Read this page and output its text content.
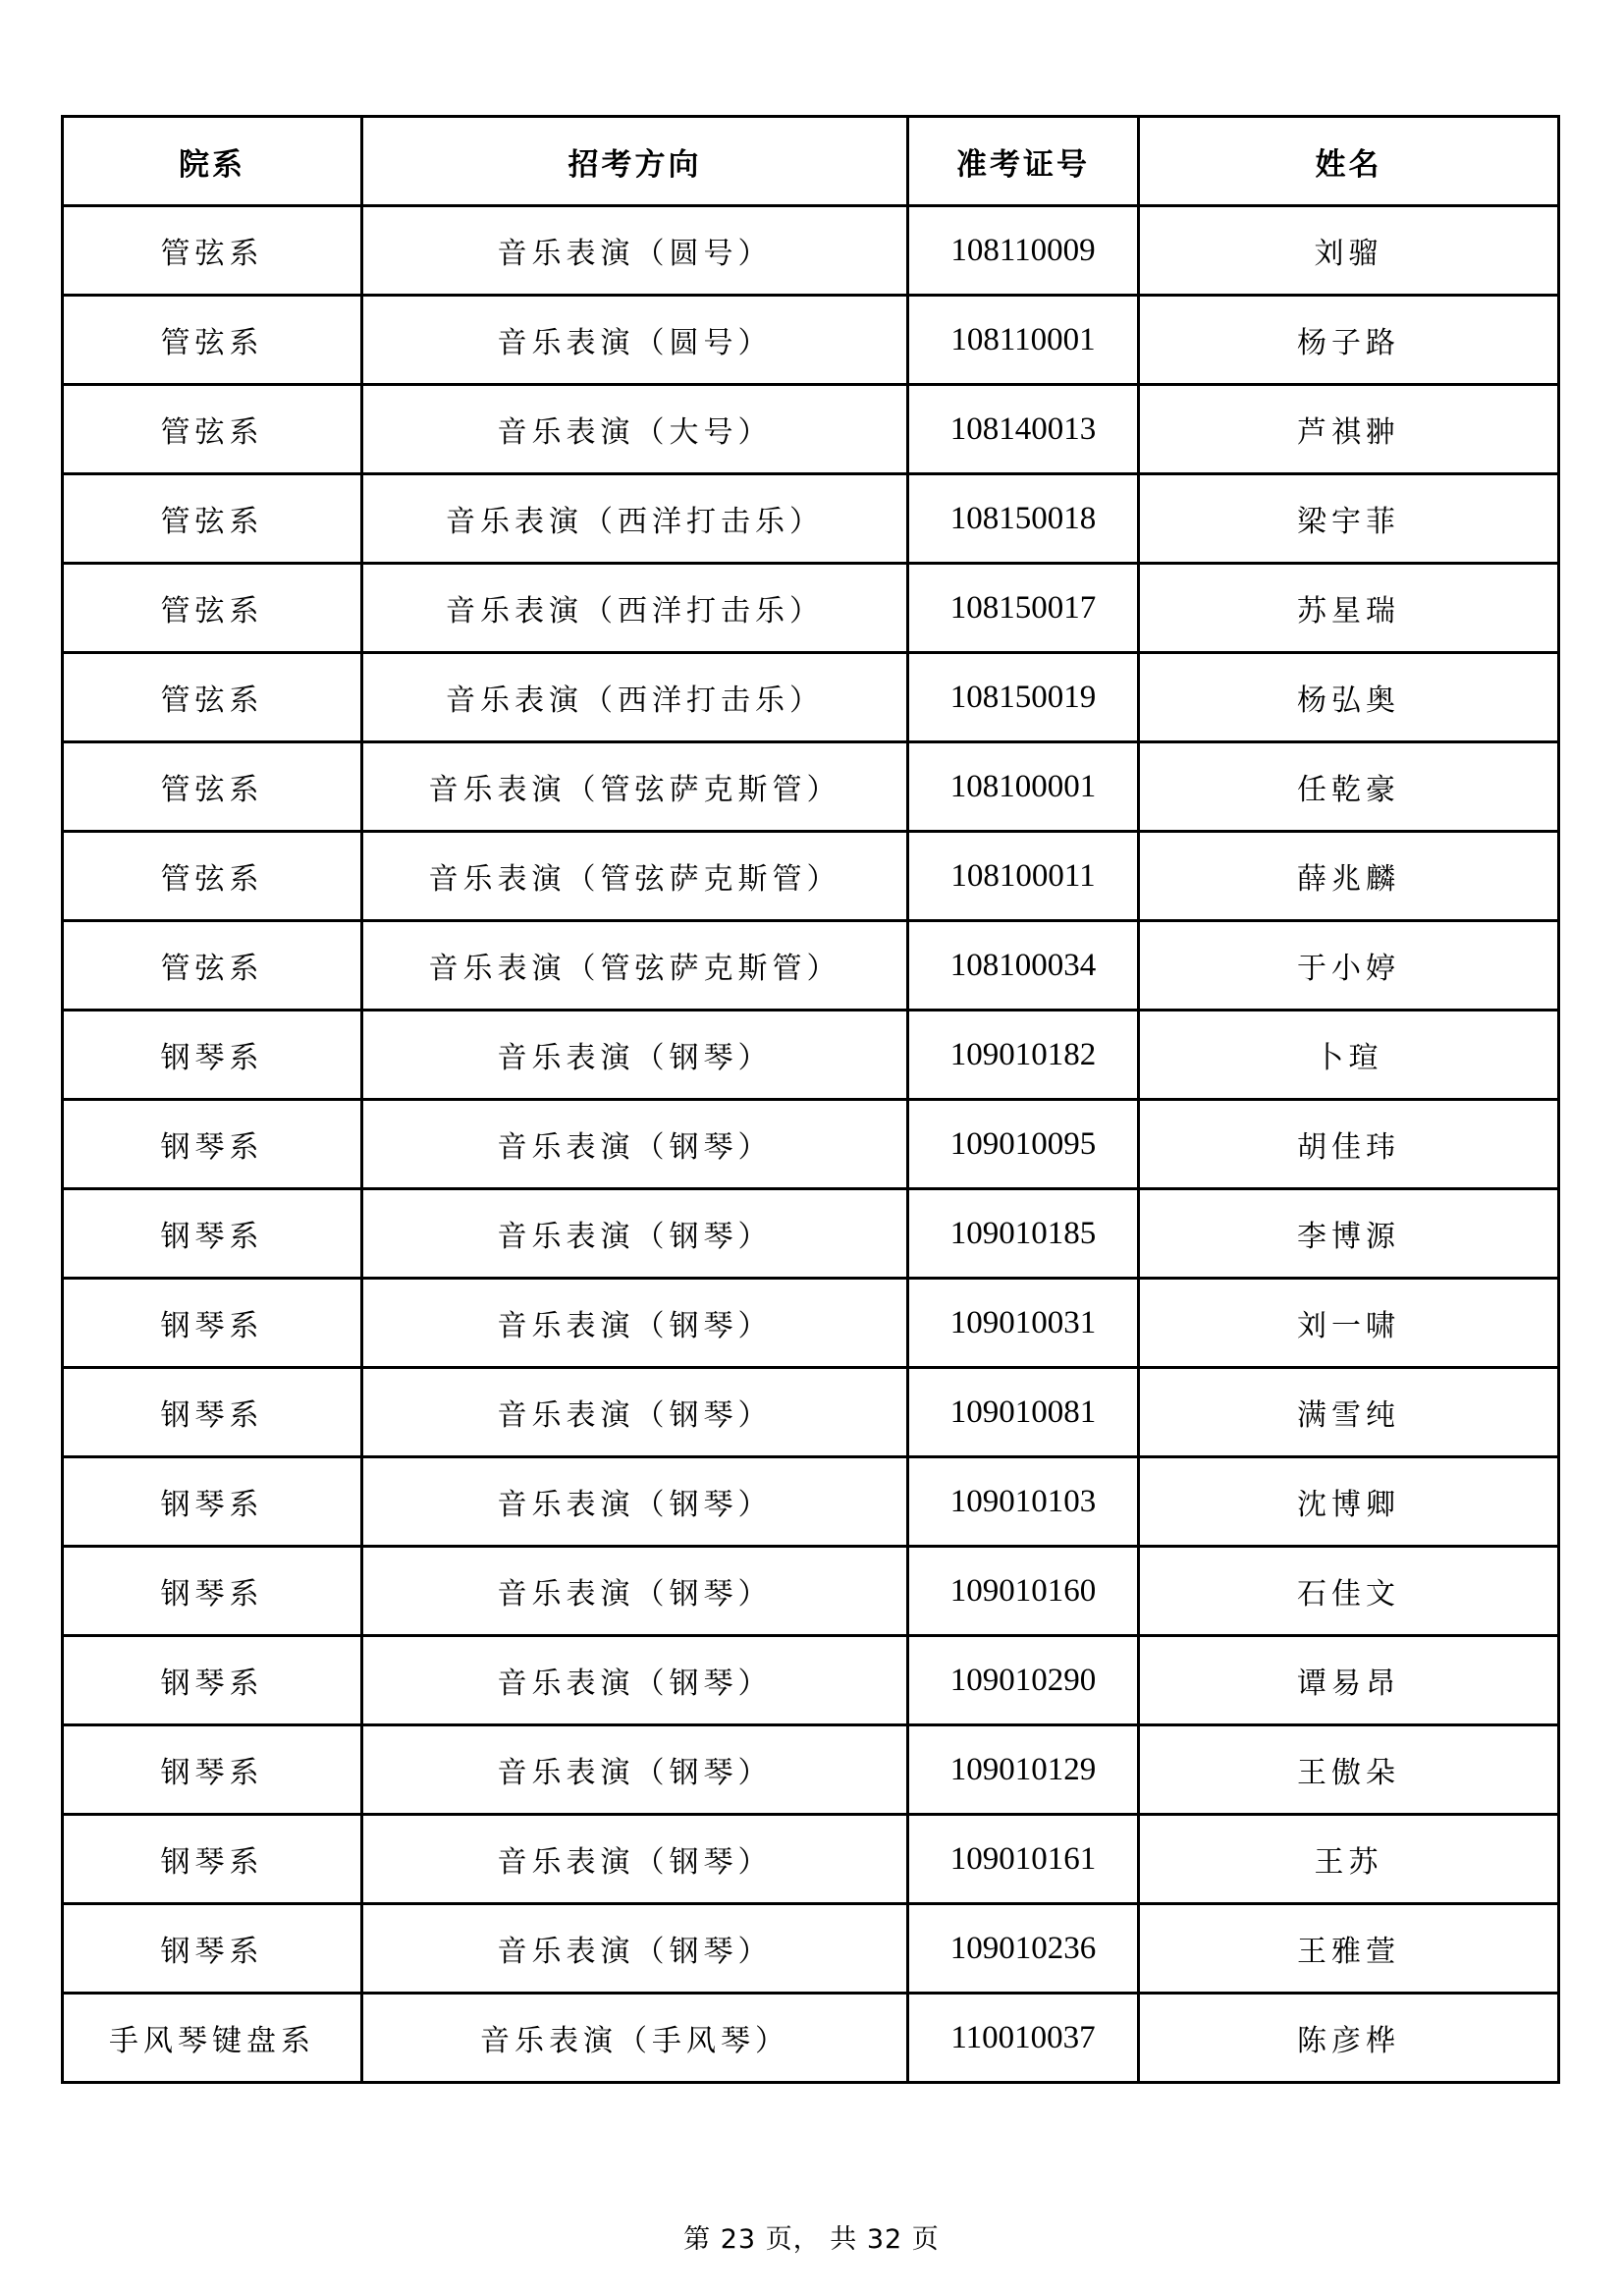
院系	招考方向	准考证号	姓名
管弦系	音乐表演（圆号）	108110009	刘骝
管弦系	音乐表演（圆号）	108110001	杨子路
管弦系	音乐表演（大号）	108140013	芦祺翀
管弦系	音乐表演（西洋打击乐）	108150018	梁宇菲
管弦系	音乐表演（西洋打击乐）	108150017	苏星瑞
管弦系	音乐表演（西洋打击乐）	108150019	杨弘奥
管弦系	音乐表演（管弦萨克斯管）	108100001	任乾豪
管弦系	音乐表演（管弦萨克斯管）	108100011	薛兆麟
管弦系	音乐表演（管弦萨克斯管）	108100034	于小婷
钢琴系	音乐表演（钢琴）	109010182	卜瑄
钢琴系	音乐表演（钢琴）	109010095	胡佳玮
钢琴系	音乐表演（钢琴）	109010185	李博源
钢琴系	音乐表演（钢琴）	109010031	刘一啸
钢琴系	音乐表演（钢琴）	109010081	满雪纯
钢琴系	音乐表演（钢琴）	109010103	沈博卿
钢琴系	音乐表演（钢琴）	109010160	石佳文
钢琴系	音乐表演（钢琴）	109010290	谭易昂
钢琴系	音乐表演（钢琴）	109010129	王傲朵
钢琴系	音乐表演（钢琴）	109010161	王苏
钢琴系	音乐表演（钢琴）	109010236	王雅萱
手风琴键盘系	音乐表演（手风琴）	110010037	陈彦桦
第 23 页， 共 32 页
